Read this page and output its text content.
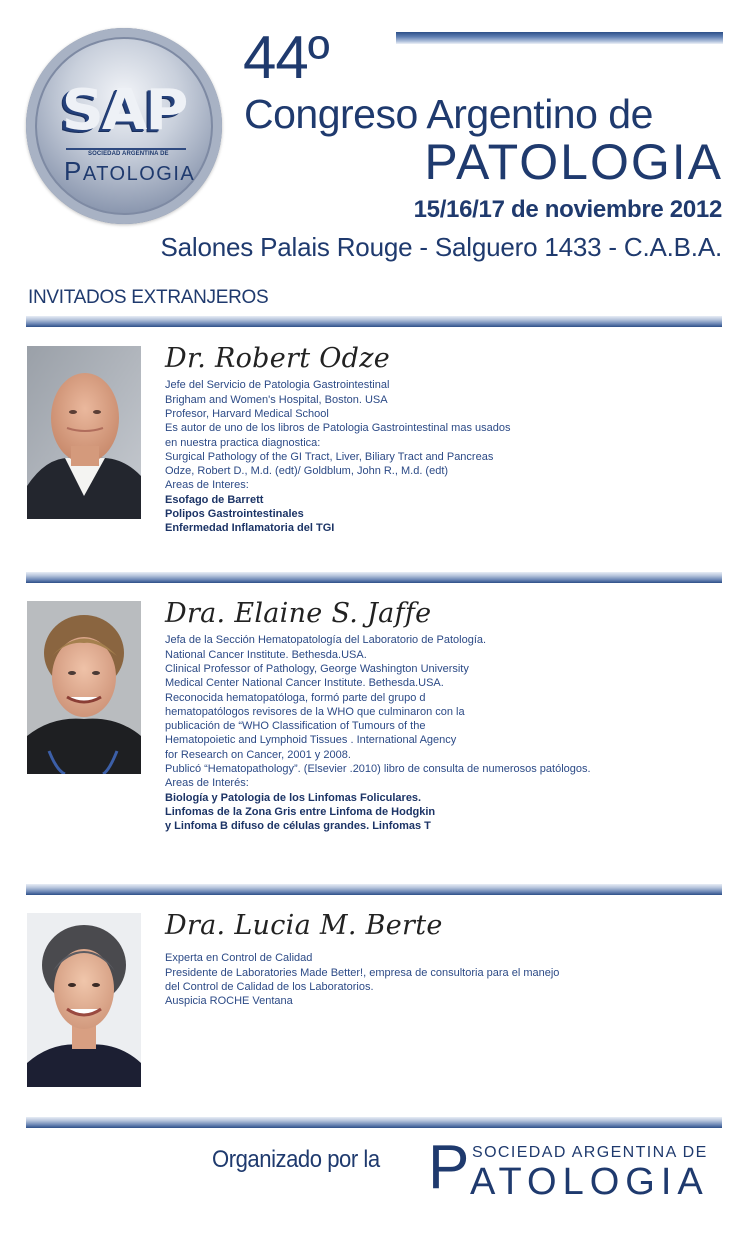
SAP
SOCIEDAD ARGENTINA DE
PATOLOGIA
44º
Congreso Argentino de
PATOLOGIA
15/16/17 de noviembre 2012
Salones Palais Rouge - Salguero 1433 - C.A.B.A.
INVITADOS EXTRANJEROS
Dr. Robert Odze
Jefe del Servicio de Patologia Gastrointestinal
Brigham and Women's Hospital, Boston. USA
Profesor, Harvard Medical School
Es autor de uno de los libros de Patologia Gastrointestinal mas usados
en nuestra practica diagnostica:
Surgical Pathology of the GI Tract, Liver, Biliary Tract and Pancreas
Odze, Robert D., M.d. (edt)/ Goldblum, John R., M.d. (edt)
Areas de Interes:
Esofago de Barrett
Polipos Gastrointestinales
Enfermedad Inflamatoria del TGI
Dra. Elaine S. Jaffe
Jefa de la Sección Hematopatología del Laboratorio de Patología.
National Cancer Institute. Bethesda.USA.
Clinical Professor of Pathology, George Washington University
Medical Center National Cancer Institute. Bethesda.USA.
Reconocida hematopatóloga, formó parte del grupo d
hematopatólogos revisores de la WHO que culminaron con la
publicación de “WHO Classification of Tumours of the
Hematopoietic and Lymphoid Tissues . International Agency
for Research on Cancer, 2001 y 2008.
Publicó “Hematopathology”. (Elsevier .2010) libro de consulta de numerosos patólogos.
Areas de Interés:
Biología y Patologia de los Linfomas Foliculares.
Linfomas de la Zona Gris entre Linfoma de Hodgkin
y Linfoma B difuso de células grandes. Linfomas T
Dra. Lucia M. Berte
Experta en Control de Calidad
Presidente de Laboratories Made Better!, empresa de consultoria para el manejo
del Control de Calidad de los Laboratorios.
Auspicia ROCHE Ventana
Organizado por la P SOCIEDAD ARGENTINA DE
ATOLOGIA
